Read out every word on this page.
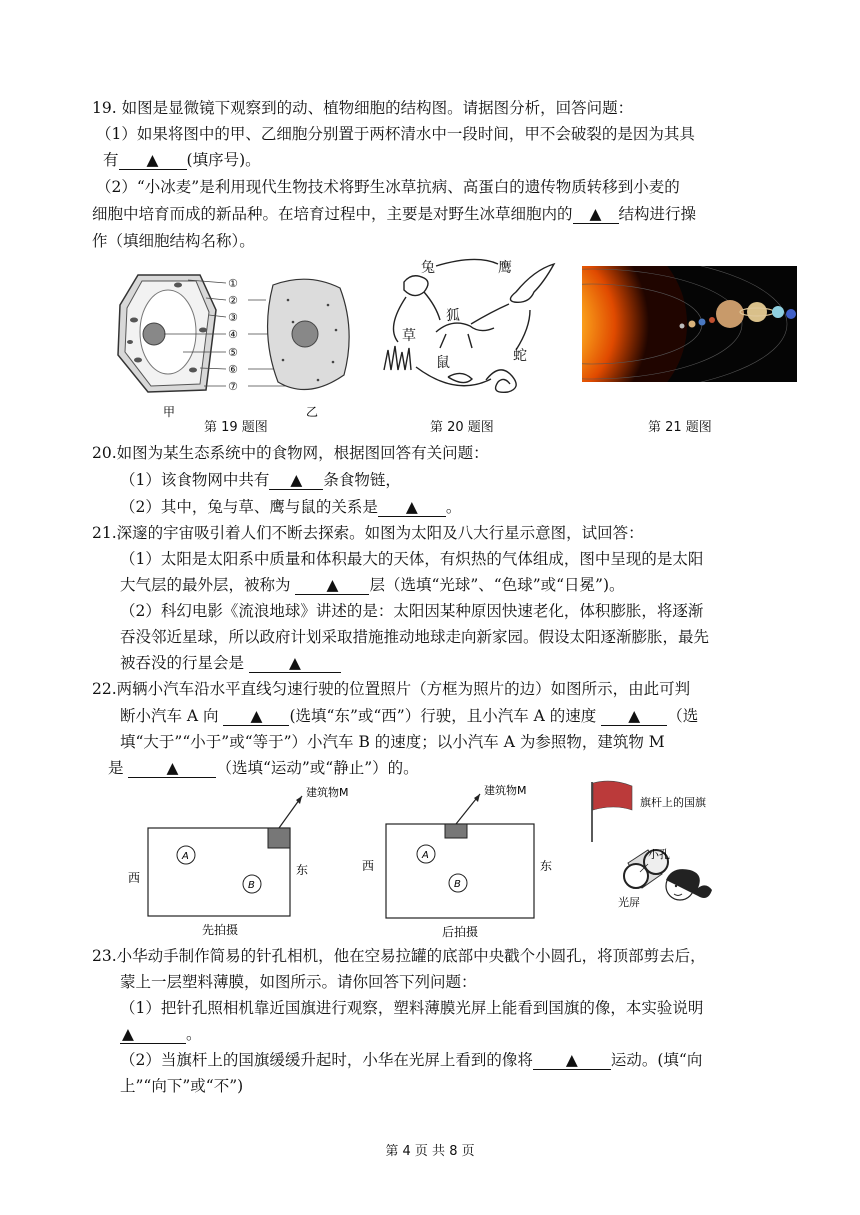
19. 如图是显微镜下观察到的动、植物细胞的结构图。请据图分析，回答问题：
（1）如果将图中的甲、乙细胞分别置于两杯清水中一段时间，甲不会破裂的是因为其具
有 ▲ (填序号)。
（2）“小冰麦”是利用现代生物技术将野生冰草抗病、高蛋白的遗传物质转移到小麦的
细胞中培育而成的新品种。在培育过程中，主要是对野生冰草细胞内的 ▲ 结构进行操
作（填细胞结构名称）。
①
②
③
④
⑤
⑥
⑦
甲	乙
兔	鹰
狐
草
鼠	蛇
第 19 题图	第 20 题图	第 21 题图
20.如图为某生态系统中的食物网，根据图回答有关问题：
（1）该食物网中共有 ▲ 条食物链，
（2）其中，兔与草、鹰与鼠的关系是 ▲ 。
21.深邃的宇宙吸引着人们不断去探索。如图为太阳及八大行星示意图，试回答：
（1）太阳是太阳系中质量和体积最大的天体，有炽热的气体组成，图中呈现的是太阳
大气层的最外层，被称为 ▲ 层（选填“光球”、“色球”或“日冕”)。
（2）科幻电影《流浪地球》讲述的是：太阳因某种原因快速老化，体积膨胀，将逐渐
吞没邻近星球，所以政府计划采取措施推动地球走向新家园。假设太阳逐渐膨胀，最先
被吞没的行星会是	▲
22.两辆小汽车沿水平直线匀速行驶的位置照片（方框为照片的边）如图所示，由此可判
断小汽车 A 向 ▲ (选填“东”或“西”）行驶，且小汽车 A 的速度 ▲ （选
填“大于”“小于”或“等于”）小汽车 B 的速度；以小汽车 A 为参照物，建筑物 M
是 ▲ （选填“运动”或“静止”）的。
建筑物M
A
B
西
东
先拍摄
建筑物M
A
B
西	东
后拍摄
旗杆上的国旗
小孔
光屏
23.小华动手制作简易的针孔相机，他在空易拉罐的底部中央戳个小圆孔，将顶部剪去后，
蒙上一层塑料薄膜，如图所示。请你回答下列问题：
（1）把针孔照相机靠近国旗进行观察，塑料薄膜光屏上能看到国旗的像，本实验说明
▲	。
（2）当旗杆上的国旗缓缓升起时，小华在光屏上看到的像将 ▲ 运动。(填“向
上”“向下”或“不”)
第 4 页 共 8 页
